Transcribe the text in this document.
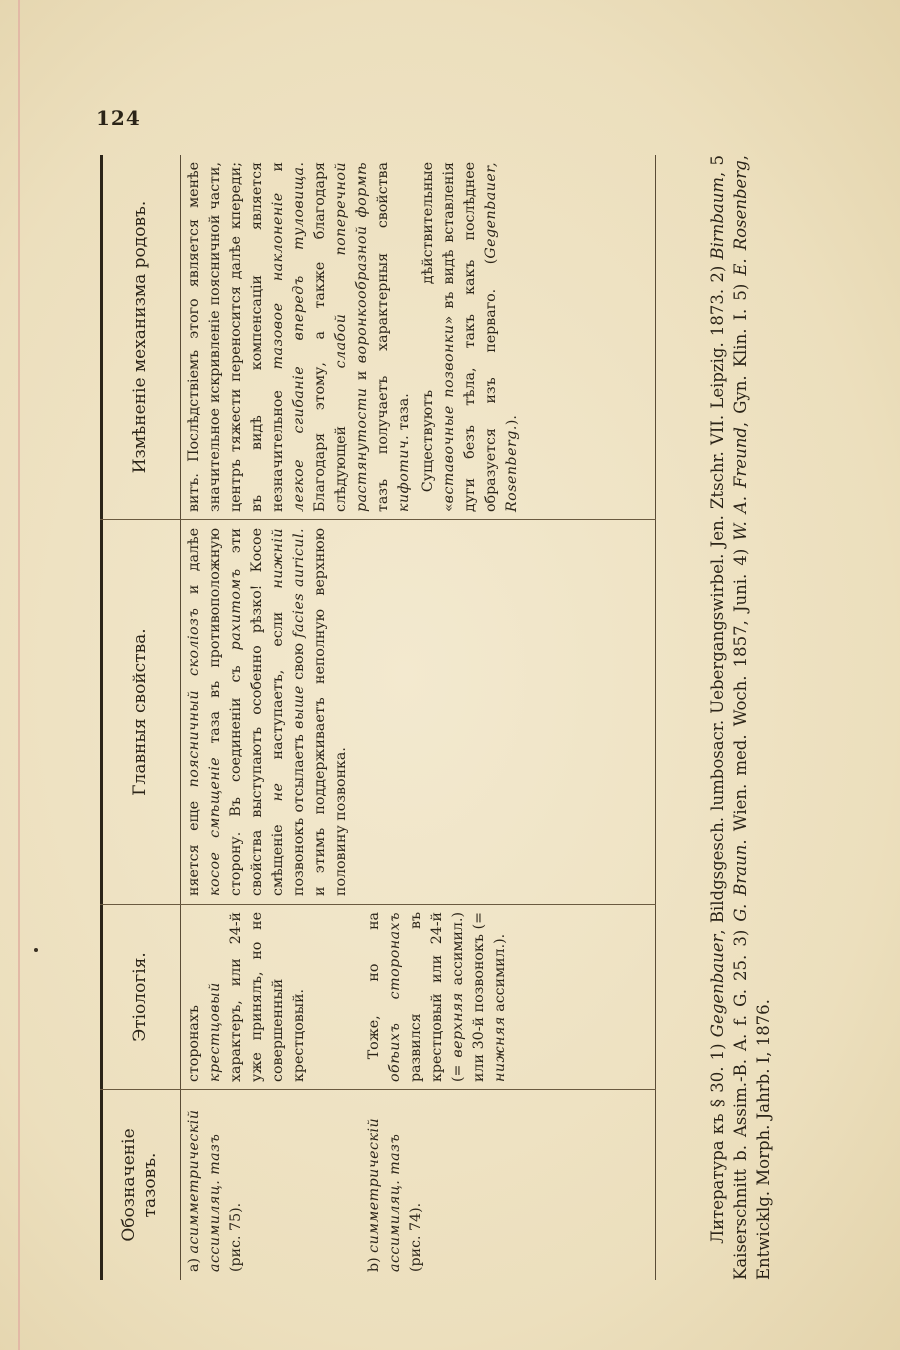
124
Обозначеніе тазовъ.
Этіологія.
Главныя свойства.
Измѣненіе механизма родовъ.
a) асимметрическій ассимиляц. тазъ (рис. 75).	b) симметрическій ассимиляц. тазъ (рис. 74).
сторонахъ крестцовый характеръ, или 24-й уже принялъ, но не совершенный крестцовый.	Тоже, но на обѣихъ сторонахъ развился въ крестцовый или 24-й (= верхняя ассимил.) или 30-й позвонокъ (= нижняя ассимил.).
няется еще поясничный сколіозъ и далѣе косое смѣщеніе таза въ противоположную сторону. Въ соединеніи съ рахитомъ эти свойства выступаютъ особенно рѣзко! Косое смѣщеніе не наступаетъ, если нижній позвонокъ отсылаетъ выше свою facies auricul. и этимъ поддерживаетъ неполную верхнюю половину позвонка.

витъ. Послѣдствіемъ этого является менѣе значительное искривленіе поясничной части, центръ тяжести переносится далѣе кпереди; въ видѣ компенсаціи является незначительное тазовое наклоненіе и легкое сгибаніе впередъ туловища. Благодаря этому, а также благодаря слѣдующей слабой поперечной растянутости и воронкообразной формѣ тазъ получаетъ характерныя свойства кифотич. таза. Существуютъ дѣйствительные «вставочные позвонки» въ видѣ вставленія дуги безъ тѣла, такъ какъ послѣднее образуется изъ перваго. (Gegenbauer, Rosenberg.).

Литература къ § 30. 1) Gegenbauer, Bildgsgesch. lumbosacr. Uebergangswirbel. Jen. Ztschr. VII. Leipzig. 1873. 2) Birnbaum, 5 Kaiserschnitt b. Assim.-B. A. f. G. 25. 3) G. Braun. Wien. med. Woch. 1857, Juni. 4) W. A. Freund, Gyn. Klin. I. 5) E. Rosenberg, Entwicklg. Morph. Jahrb. I, 1876.
